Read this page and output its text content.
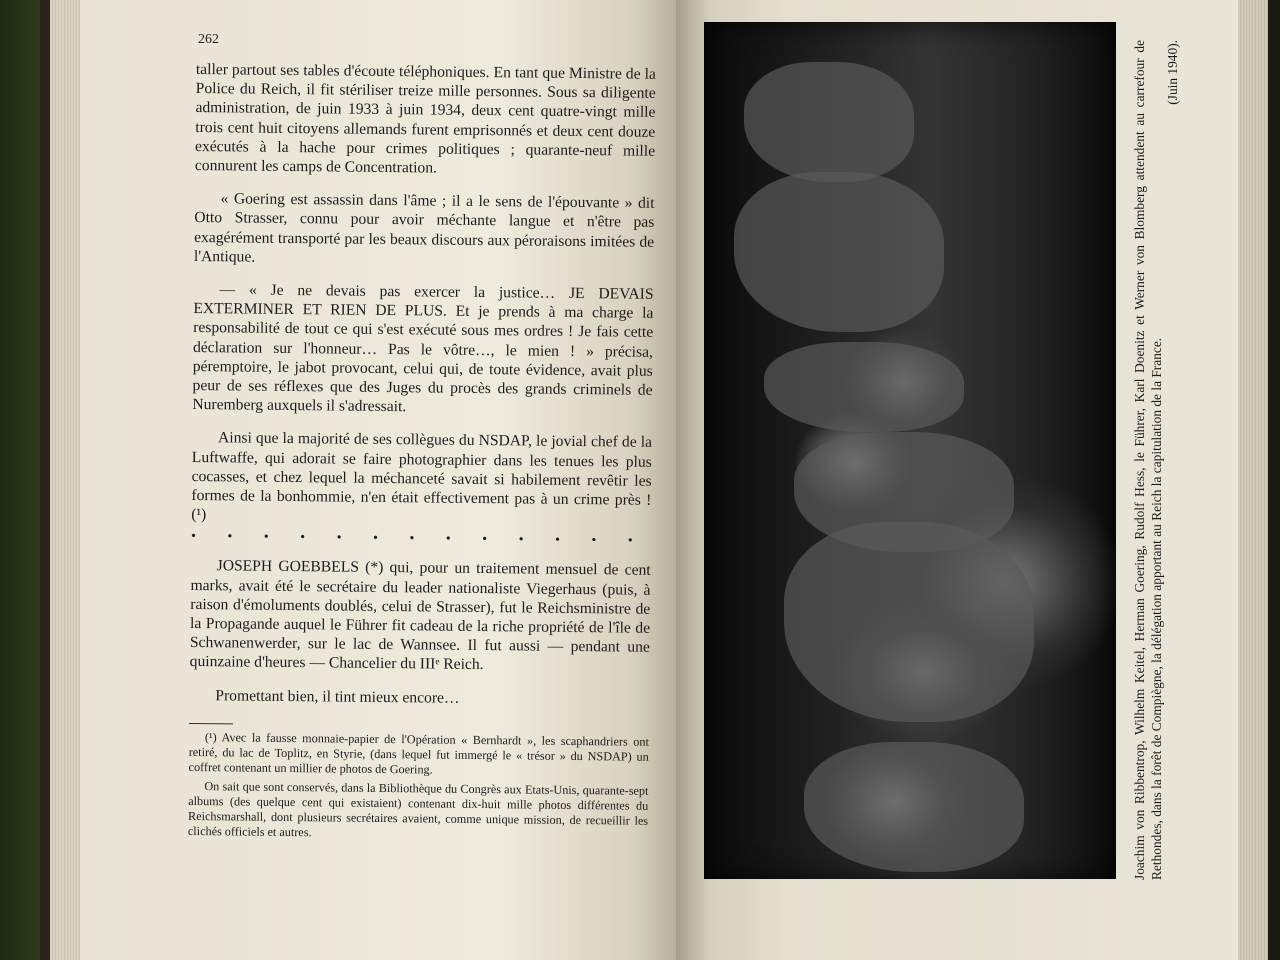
262

taller partout ses tables d'écoute téléphoniques. En tant que Ministre de la Police du Reich, il fit stériliser treize mille personnes. Sous sa diligente administration, de juin 1933 à juin 1934, deux cent quatre-vingt mille trois cent huit citoyens allemands furent emprisonnés et deux cent douze exécutés à la hache pour crimes politiques ; quarante-neuf mille connurent les camps de Concentration.

« Goering est assassin dans l'âme ; il a le sens de l'épouvante » dit Otto Strasser, connu pour avoir méchante langue et n'être pas exagérément transporté par les beaux discours aux péroraisons imitées de l'Antique.

— « Je ne devais pas exercer la justice… JE DEVAIS EXTERMINER ET RIEN DE PLUS. Et je prends à ma charge la responsabilité de tout ce qui s'est exécuté sous mes ordres ! Je fais cette déclaration sur l'honneur… Pas le vôtre…, le mien ! » précisa, péremptoire, le jabot provocant, celui qui, de toute évidence, avait plus peur de ses réflexes que des Juges du procès des grands criminels de Nuremberg auxquels il s'adressait.

Ainsi que la majorité de ses collègues du NSDAP, le jovial chef de la Luftwaffe, qui adorait se faire photographier dans les tenues les plus cocasses, et chez lequel la méchanceté savait si habilement revêtir les formes de la bonhommie, n'en était effectivement pas à un crime près ! (¹)

• • • • • • • • • • • • •

JOSEPH GOEBBELS (*) qui, pour un traitement mensuel de cent marks, avait été le secrétaire du leader nationaliste Viegerhaus (puis, à raison d'émoluments doublés, celui de Strasser), fut le Reichsministre de la Propagande auquel le Führer fit cadeau de la riche propriété de l'île de Schwanenwerder, sur le lac de Wannsee. Il fut aussi — pendant une quinzaine d'heures — Chancelier du IIIᵉ Reich.

Promettant bien, il tint mieux encore…

(¹) Avec la fausse monnaie-papier de l'Opération « Bernhardt », les scaphandriers ont retiré, du lac de Toplitz, en Styrie, (dans lequel fut immergé le « trésor » du NSDAP) un coffret contenant un millier de photos de Goering.

On sait que sont conservés, dans la Bibliothèque du Congrès aux Etats-Unis, quarante-sept albums (des quelque cent qui existaient) contenant dix-huit mille photos différentes du Reichsmarshall, dont plusieurs secrétaires avaient, comme unique mission, de recueillir les clichés officiels et autres.	Joachim von Ribbentrop, Wilhelm Keitel, Herman Goering, Rudolf Hess, le Führer, Karl Doenitz et Werner von Blomberg attendent au carrefour de Rethondes, dans la forêt de Compiègne, la délégation apportant au Reich la capitulation de la France.
(Juin 1940).
